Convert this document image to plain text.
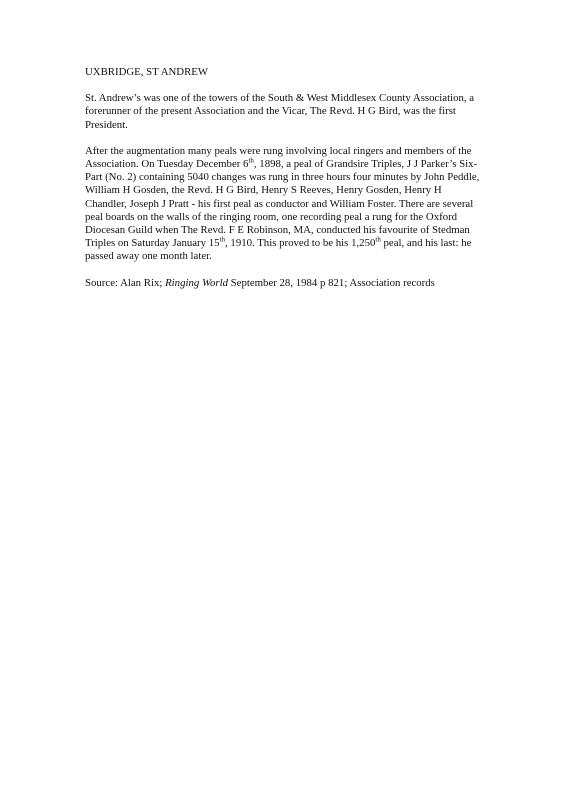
UXBRIDGE, ST ANDREW

St. Andrew’s was one of the towers of the South & West Middlesex County Association, a forerunner of the present Association and the Vicar, The Revd. H G Bird, was the first President.

After the augmentation many peals were rung involving local ringers and members of the Association. On Tuesday December 6th, 1898, a peal of Grandsire Triples, J J Parker’s Six-Part (No. 2) containing 5040 changes was rung in three hours four minutes by John Peddle, William H Gosden, the Revd. H G Bird, Henry S Reeves, Henry Gosden, Henry H Chandler, Joseph J Pratt - his first peal as conductor and William Foster. There are several peal boards on the walls of the ringing room, one recording peal a rung for the Oxford Diocesan Guild when The Revd. F E Robinson, MA, conducted his favourite of Stedman Triples on Saturday January 15th, 1910. This proved to be his 1,250th peal, and his last: he passed away one month later.

Source: Alan Rix; Ringing World September 28, 1984 p 821; Association records
